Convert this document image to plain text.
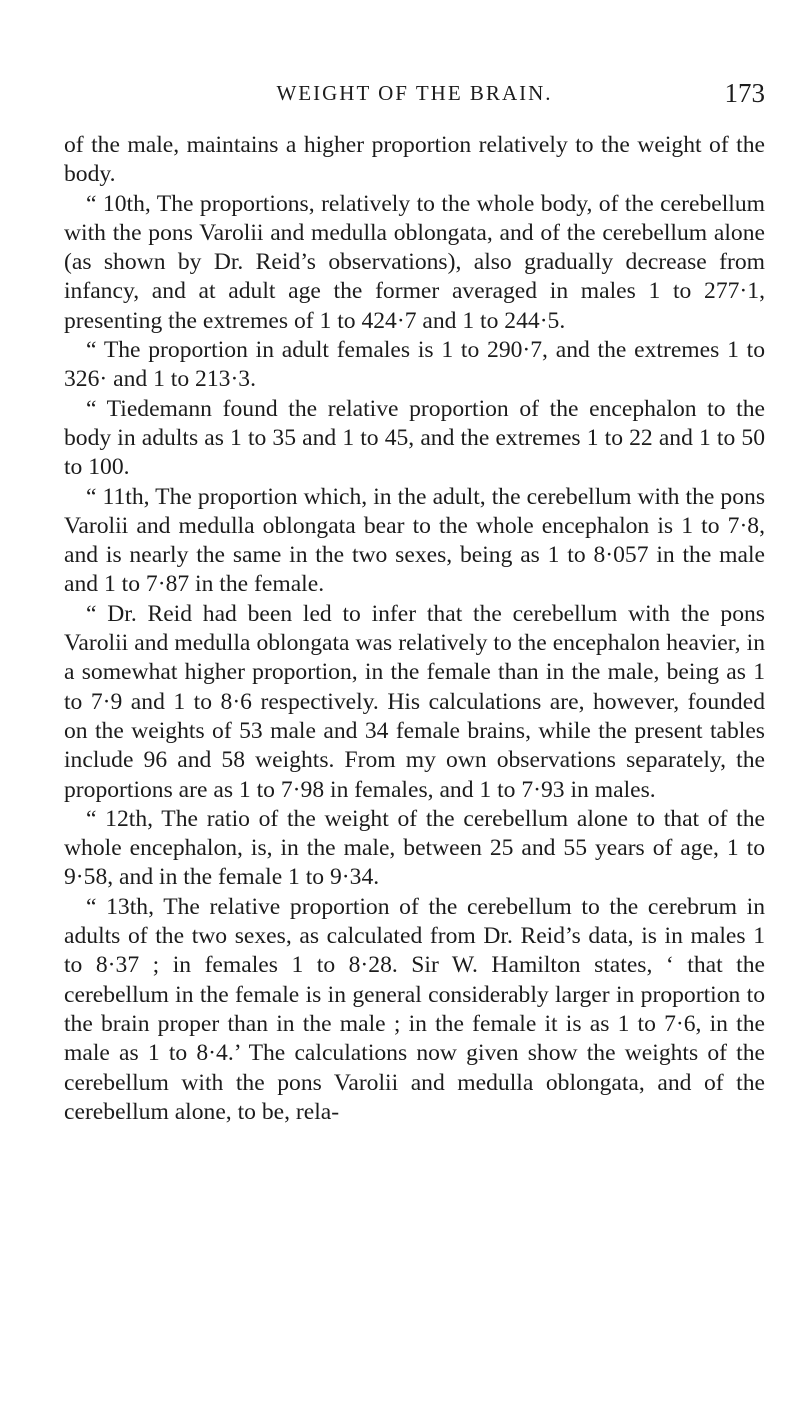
WEIGHT OF THE BRAIN.	173

of the male, maintains a higher proportion relatively to the weight of the body.

“ 10th, The proportions, relatively to the whole body, of the cerebellum with the pons Varolii and medulla oblongata, and of the cerebellum alone (as shown by Dr. Reid’s observations), also gradually decrease from infancy, and at adult age the former averaged in males 1 to 277·1, presenting the extremes of 1 to 424·7 and 1 to 244·5.

“ The proportion in adult females is 1 to 290·7, and the extremes 1 to 326· and 1 to 213·3.

“ Tiedemann found the relative proportion of the encephalon to the body in adults as 1 to 35 and 1 to 45, and the extremes 1 to 22 and 1 to 50 to 100.

“ 11th, The proportion which, in the adult, the cerebellum with the pons Varolii and medulla oblongata bear to the whole encephalon is 1 to 7·8, and is nearly the same in the two sexes, being as 1 to 8·057 in the male and 1 to 7·87 in the female.

“ Dr. Reid had been led to infer that the cerebellum with the pons Varolii and medulla oblongata was relatively to the encephalon heavier, in a somewhat higher proportion, in the female than in the male, being as 1 to 7·9 and 1 to 8·6 respectively. His calculations are, however, founded on the weights of 53 male and 34 female brains, while the present tables include 96 and 58 weights. From my own observations separately, the proportions are as 1 to 7·98 in females, and 1 to 7·93 in males.

“ 12th, The ratio of the weight of the cerebellum alone to that of the whole encephalon, is, in the male, between 25 and 55 years of age, 1 to 9·58, and in the female 1 to 9·34.

“ 13th, The relative proportion of the cerebellum to the cerebrum in adults of the two sexes, as calculated from Dr. Reid’s data, is in males 1 to 8·37 ; in females 1 to 8·28. Sir W. Hamilton states, ‘ that the cerebellum in the female is in general considerably larger in proportion to the brain proper than in the male ; in the female it is as 1 to 7·6, in the male as 1 to 8·4.’ The calculations now given show the weights of the cerebellum with the pons Varolii and medulla oblongata, and of the cerebellum alone, to be, rela-
